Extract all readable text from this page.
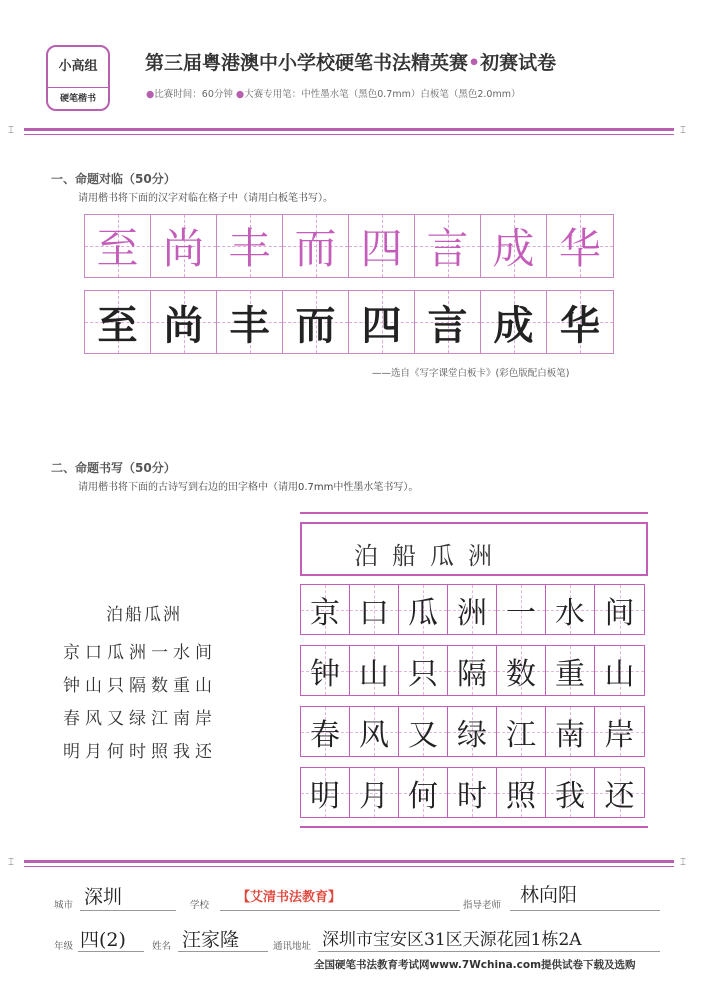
小高组
硬笔楷书
第三届粤港澳中小学校硬笔书法精英赛•初赛试卷
●比赛时间：60分钟 ●大赛专用笔：中性墨水笔（黑色0.7mm）白板笔（黑色2.0mm）
⌶	⌶
一、命题对临（50分）
请用楷书将下面的汉字对临在格子中（请用白板笔书写）。
至 尚 丰 而 四 言 成 华
至 尚 丰 而 四 言 成 华
——选自《写字课堂白板卡》(彩色版配白板笔)
二、命题书写（50分）
请用楷书将下面的古诗写到右边的田字格中（请用0.7mm中性墨水笔书写）。
泊船瓜洲
京口瓜洲一水间
钟山只隔数重山
春风又绿江南岸
明月何时照我还
泊船瓜洲
京 口 瓜 洲 一 水 间
钟 山 只 隔 数 重 山
春 风 又 绿 江 南 岸
明 月 何 时 照 我 还
⌶	⌶
城市 深圳	学校
【艾清书法教育】
指导老师 林向阳
年级 四(2)	姓名 汪家隆	通讯地址 深圳市宝安区31区天源花园1栋2A
全国硬笔书法教育考试网www.7Wchina.com提供试卷下载及选购
